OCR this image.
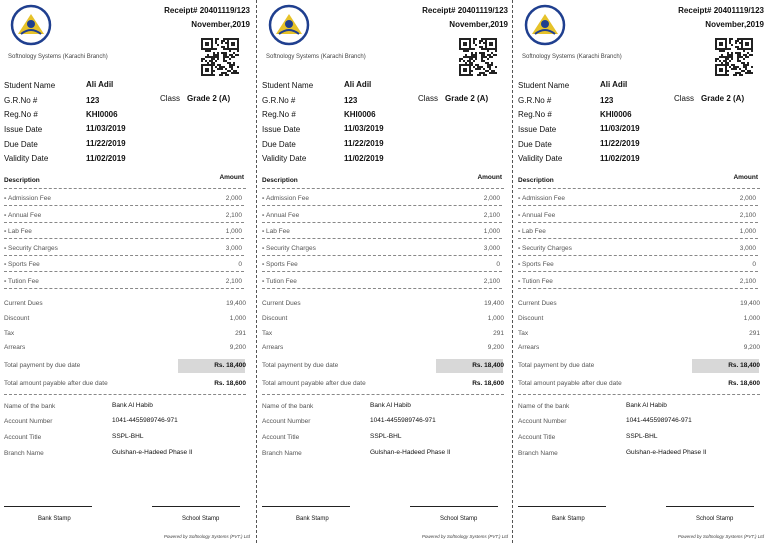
Softnology Systems (Karachi Branch)
Receipt# 20401119/123
November,2019
Student Name	Ali Adil
G.R.No #	123	Class Grade 2 (A)
Reg.No #	KHI0006
Issue Date	11/03/2019
Due Date	11/22/2019
Validity Date	11/02/2019
Description	Amount
- Admission Fee	2,000
- Annual Fee	2,100
- Lab Fee	1,000
- Security Charges	3,000
- Sports Fee	0
- Tution Fee	2,100
Current Dues	19,400
Discount	1,000
Tax	291
Arrears	9,200
Total payment by due date	Rs. 18,400
Total amount payable after due date	Rs. 18,600
Name of the bank	Bank Al Habib
Account Number	1041-4455989746-971
Account Title	SSPL-BHL
Branch Name	Gulshan-e-Hadeed Phase II
Bank Stamp	School Stamp
Powered by Softnology Systems (PVT.) Ltd
Softnology Systems (Karachi Branch)
Receipt# 20401119/123
November,2019
Student Name	Ali Adil
G.R.No #	123	Class Grade 2 (A)
Reg.No #	KHI0006
Issue Date	11/03/2019
Due Date	11/22/2019
Validity Date	11/02/2019
Description	Amount
- Admission Fee	2,000
- Annual Fee	2,100
- Lab Fee	1,000
- Security Charges	3,000
- Sports Fee	0
- Tution Fee	2,100
Current Dues	19,400
Discount	1,000
Tax	291
Arrears	9,200
Total payment by due date	Rs. 18,400
Total amount payable after due date	Rs. 18,600
Name of the bank	Bank Al Habib
Account Number	1041-4455989746-971
Account Title	SSPL-BHL
Branch Name	Gulshan-e-Hadeed Phase II
Bank Stamp	School Stamp
Powered by Softnology Systems (PVT.) Ltd
Softnology Systems (Karachi Branch)
Receipt# 20401119/123
November,2019
Student Name	Ali Adil
G.R.No #	123	Class Grade 2 (A)
Reg.No #	KHI0006
Issue Date	11/03/2019
Due Date	11/22/2019
Validity Date	11/02/2019
Description	Amount
- Admission Fee	2,000
- Annual Fee	2,100
- Lab Fee	1,000
- Security Charges	3,000
- Sports Fee	0
- Tution Fee	2,100
Current Dues	19,400
Discount	1,000
Tax	291
Arrears	9,200
Total payment by due date	Rs. 18,400
Total amount payable after due date	Rs. 18,600
Name of the bank	Bank Al Habib
Account Number	1041-4455989746-971
Account Title	SSPL-BHL
Branch Name	Gulshan-e-Hadeed Phase II
Bank Stamp	School Stamp
Powered by Softnology Systems (PVT.) Ltd
